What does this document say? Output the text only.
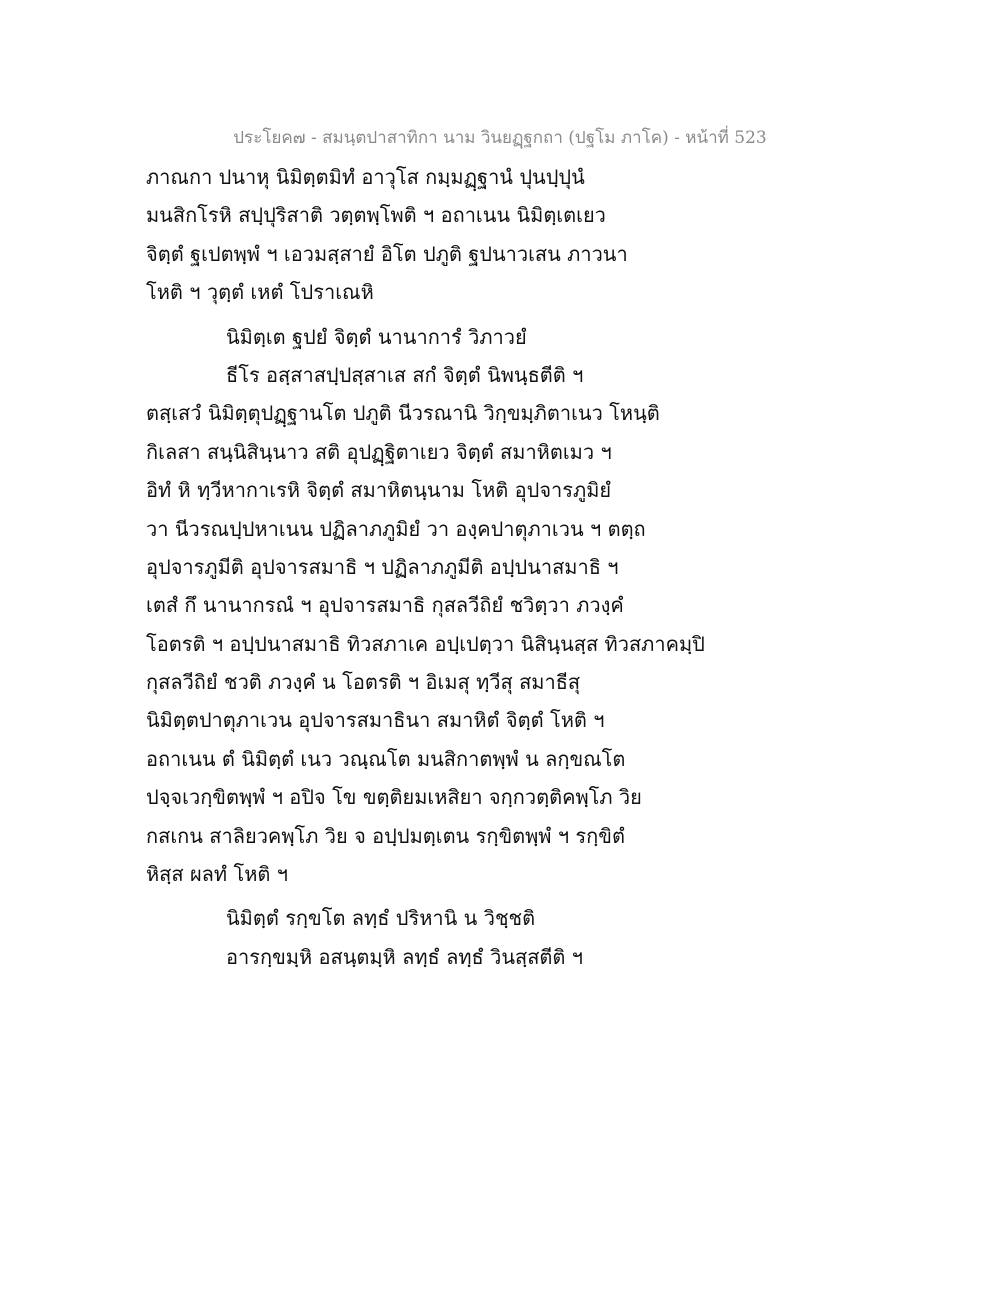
ประโยค๗ - สมนฺตปาสาทิกา นาม วินยฏฺฐกถา (ปฐโม ภาโค) - หน้าที่ 523
ภาณกา ปนาหุ นิมิตฺตมิทํ อาวุโส กมฺมฏฺฐานํ ปุนปฺปุนํ
มนสิกโรหิ สปฺปุริสาติ วตฺตพฺโพติ ฯ อถาเนน นิมิตฺเตเยว
จิตฺตํ ฐเปตพฺพํ ฯ เอวมสฺสายํ อิโต ปภูติ ฐปนาวเสน ภาวนา
โหติ ฯ วุตฺตํ เหตํ โปราเณหิ
นิมิตฺเต ฐปยํ จิตฺตํ นานาการํ วิภาวยํ
ธีโร อสฺสาสปฺปสฺสาเส สกํ จิตฺตํ นิพนฺธตีติ ฯ
ตสฺเสวํ นิมิตฺตุปฏฺฐานโต ปภูติ นีวรณานิ วิกฺขมฺภิตาเนว โหนฺติ
กิเลสา สนฺนิสินฺนาว สติ อุปฏฺฐิตาเยว จิตฺตํ สมาหิตเมว ฯ
อิทํ หิ ทฺวีหากาเรหิ จิตฺตํ สมาหิตนฺนาม โหติ อุปจารภูมิยํ
วา นีวรณปฺปหาเนน ปฏิลาภภูมิยํ วา องฺคปาตุภาเวน ฯ ตตฺถ
อุปจารภูมีติ อุปจารสมาธิ ฯ ปฏิลาภภูมีติ อปฺปนาสมาธิ ฯ
เตสํ กึ นานากรณํ ฯ อุปจารสมาธิ กุสลวีถิยํ ชวิตฺวา ภวงฺคํ
โอตรติ ฯ อปฺปนาสมาธิ ทิวสภาเค อปฺเปตฺวา นิสินฺนสฺส ทิวสภาคมฺปิ
กุสลวีถิยํ ชวติ ภวงฺคํ น โอตรติ ฯ อิเมสุ ทฺวีสุ สมาธีสุ
นิมิตฺตปาตุภาเวน อุปจารสมาธินา สมาหิตํ จิตฺตํ โหติ ฯ
อถาเนน ตํ นิมิตฺตํ เนว วณฺณโต มนสิกาตพฺพํ น ลกฺขณโต
ปจฺจเวกฺขิตพฺพํ ฯ อปิจ โข ขตฺติยมเหสิยา จกฺกวตฺติคพฺโภ วิย
กสเกน สาลิยวคพฺโภ วิย จ อปฺปมตฺเตน รกฺขิตพฺพํ ฯ รกฺขิตํ
หิสฺส ผลทํ โหติ ฯ
นิมิตฺตํ รกฺขโต ลทฺธํ ปริหานิ น วิชฺชติ
อารกฺขมฺหิ อสนฺตมฺหิ ลทฺธํ ลทฺธํ วินสฺสตีติ ฯ
